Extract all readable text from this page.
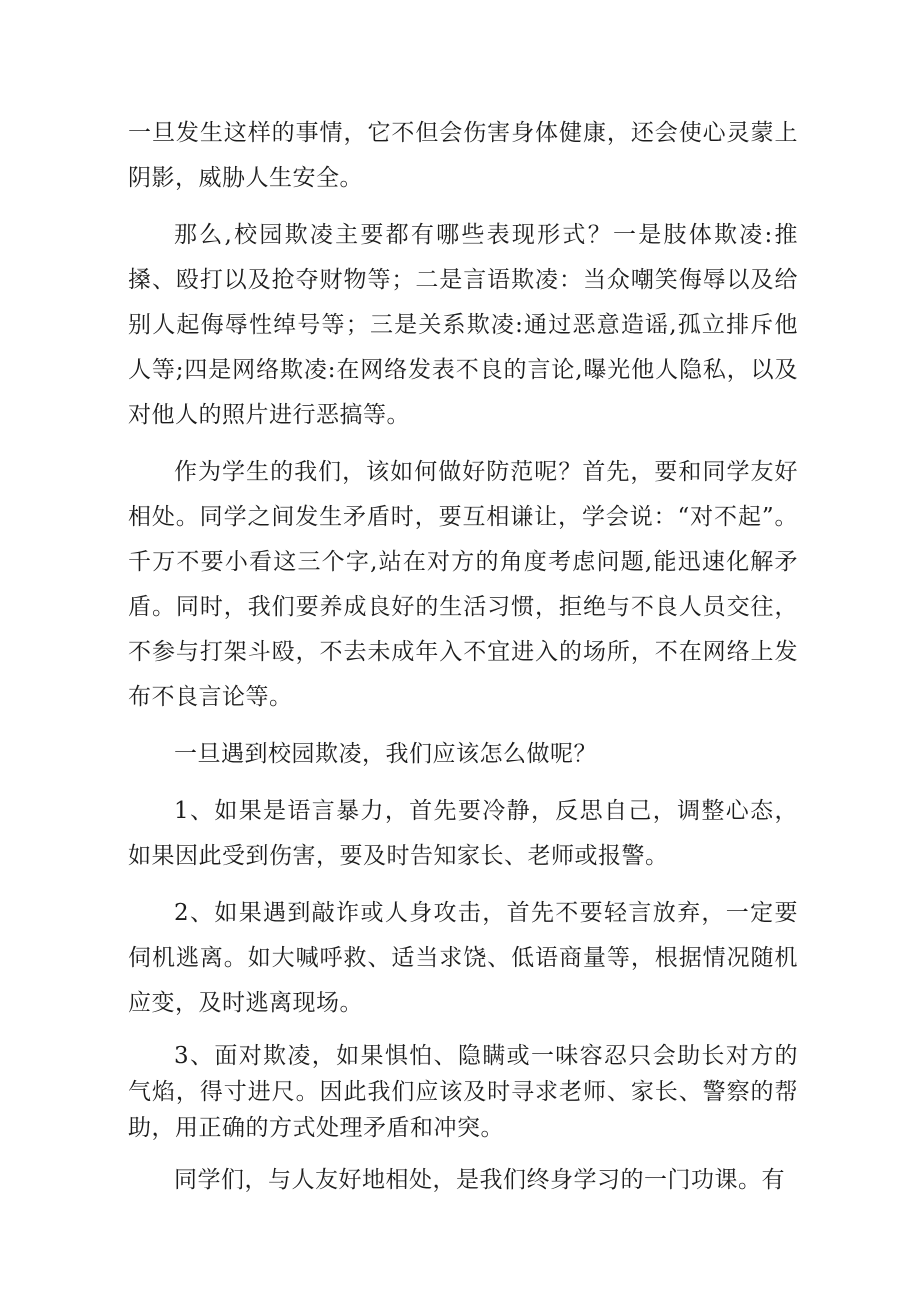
一旦发生这样的事情，它不但会伤害身体健康，还会使心灵蒙上阴影，威胁人生安全。

那么,校园欺凌主要都有哪些表现形式？一是肢体欺凌:推搡、殴打以及抢夺财物等；二是言语欺凌：当众嘲笑侮辱以及给别人起侮辱性绰号等；三是关系欺凌:通过恶意造谣,孤立排斥他人等;四是网络欺凌:在网络发表不良的言论,曝光他人隐私，以及对他人的照片进行恶搞等。

作为学生的我们，该如何做好防范呢？首先，要和同学友好相处。同学之间发生矛盾时，要互相谦让，学会说：“对不起”。千万不要小看这三个字,站在对方的角度考虑问题,能迅速化解矛盾。同时，我们要养成良好的生活习惯，拒绝与不良人员交往，不参与打架斗殴，不去未成年入不宜进入的场所，不在网络上发布不良言论等。

一旦遇到校园欺凌，我们应该怎么做呢？

1、如果是语言暴力，首先要冷静，反思自己，调整心态，如果因此受到伤害，要及时告知家长、老师或报警。

2、如果遇到敲诈或人身攻击，首先不要轻言放弃，一定要伺机逃离。如大喊呼救、适当求饶、低语商量等，根据情况随机应变，及时逃离现场。

3、面对欺凌，如果惧怕、隐瞒或一味容忍只会助长对方的气焰，得寸进尺。因此我们应该及时寻求老师、家长、警察的帮助，用正确的方式处理矛盾和冲突。

同学们，与人友好地相处，是我们终身学习的一门功课。有
